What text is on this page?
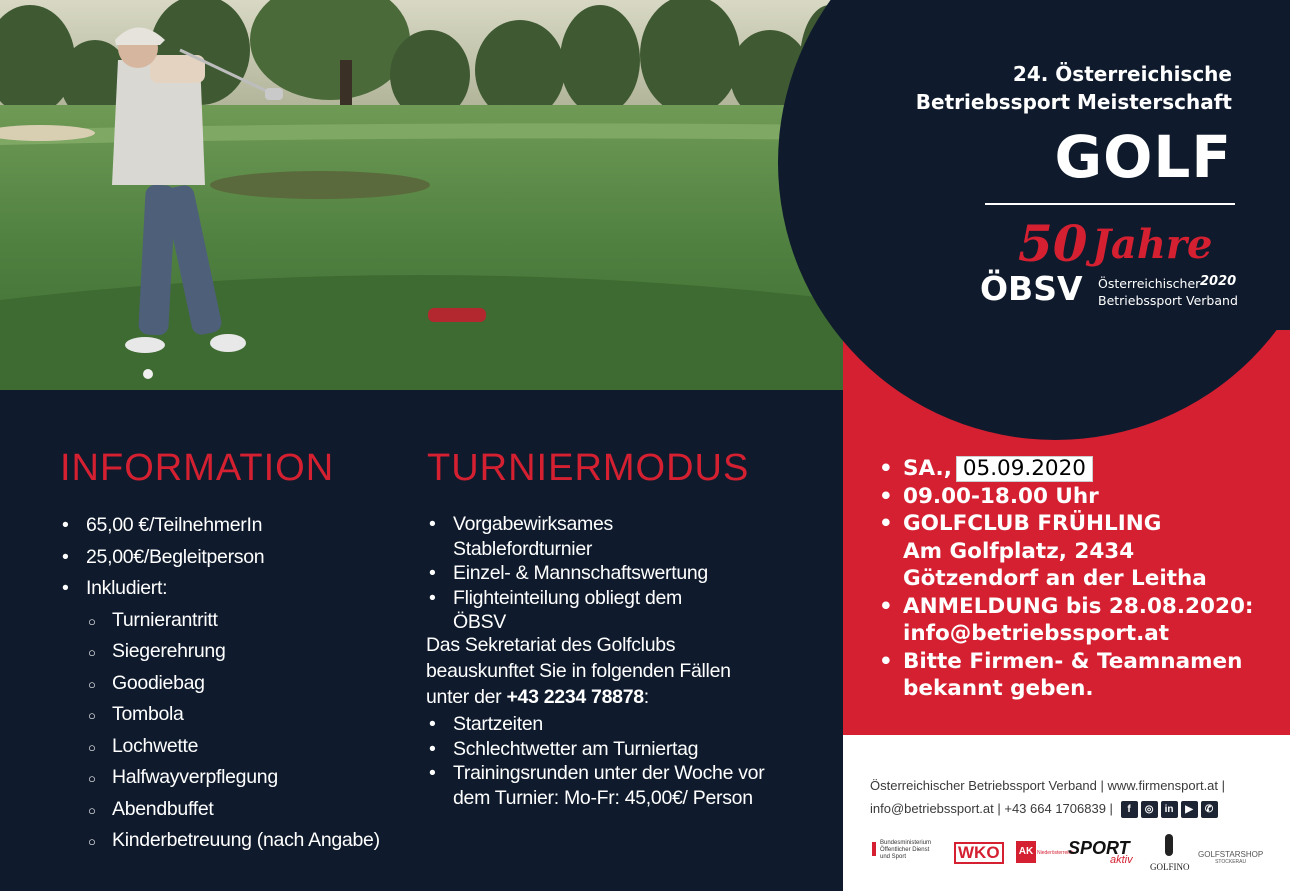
24. Österreichische
Betriebssport Meisterschaft
GOLF
50 Jahre
ÖBSV Österreichischer 2020
Betriebssport Verband
INFORMATION
• 65,00 €/TeilnehmerIn
• 25,00€/Begleitperson
• Inkludiert:
○ Turnierantritt
○ Siegerehrung
○ Goodiebag
○ Tombola
○ Lochwette
○ Halfwayverpflegung
○ Abendbuffet
○ Kinderbetreuung (nach Angabe)
TURNIERMODUS
• Vorgabewirksames Stablefordturnier
• Einzel- & Mannschaftswertung
• Flighteinteilung obliegt dem ÖBSV
Das Sekretariat des Golfclubs beauskunftet Sie in folgenden Fällen unter der +43 2234 78878:
• Startzeiten
• Schlechtwetter am Turniertag
• Trainingsrunden unter der Woche vor dem Turnier: Mo-Fr: 45,00€/ Person
• SA., 05.09.2020
• 09.00-18.00 Uhr
• GOLFCLUB FRÜHLING
Am Golfplatz, 2434
Götzendorf an der Leitha
• ANMELDUNG bis 28.08.2020:
info@betriebssport.at
• Bitte Firmen- & Teamnamen
bekannt geben.
Österreichischer Betriebssport Verband | www.firmensport.at |
info@betriebssport.at | +43 664 1706839 |	f	◎	in	▶	✆
Bundesministerium
Öffentlicher Dienst
und Sport	WKO	AK Niederösterreich
SPORT
aktiv
GOLFINO
GOLFSTARSHOP
STOCKERAU
